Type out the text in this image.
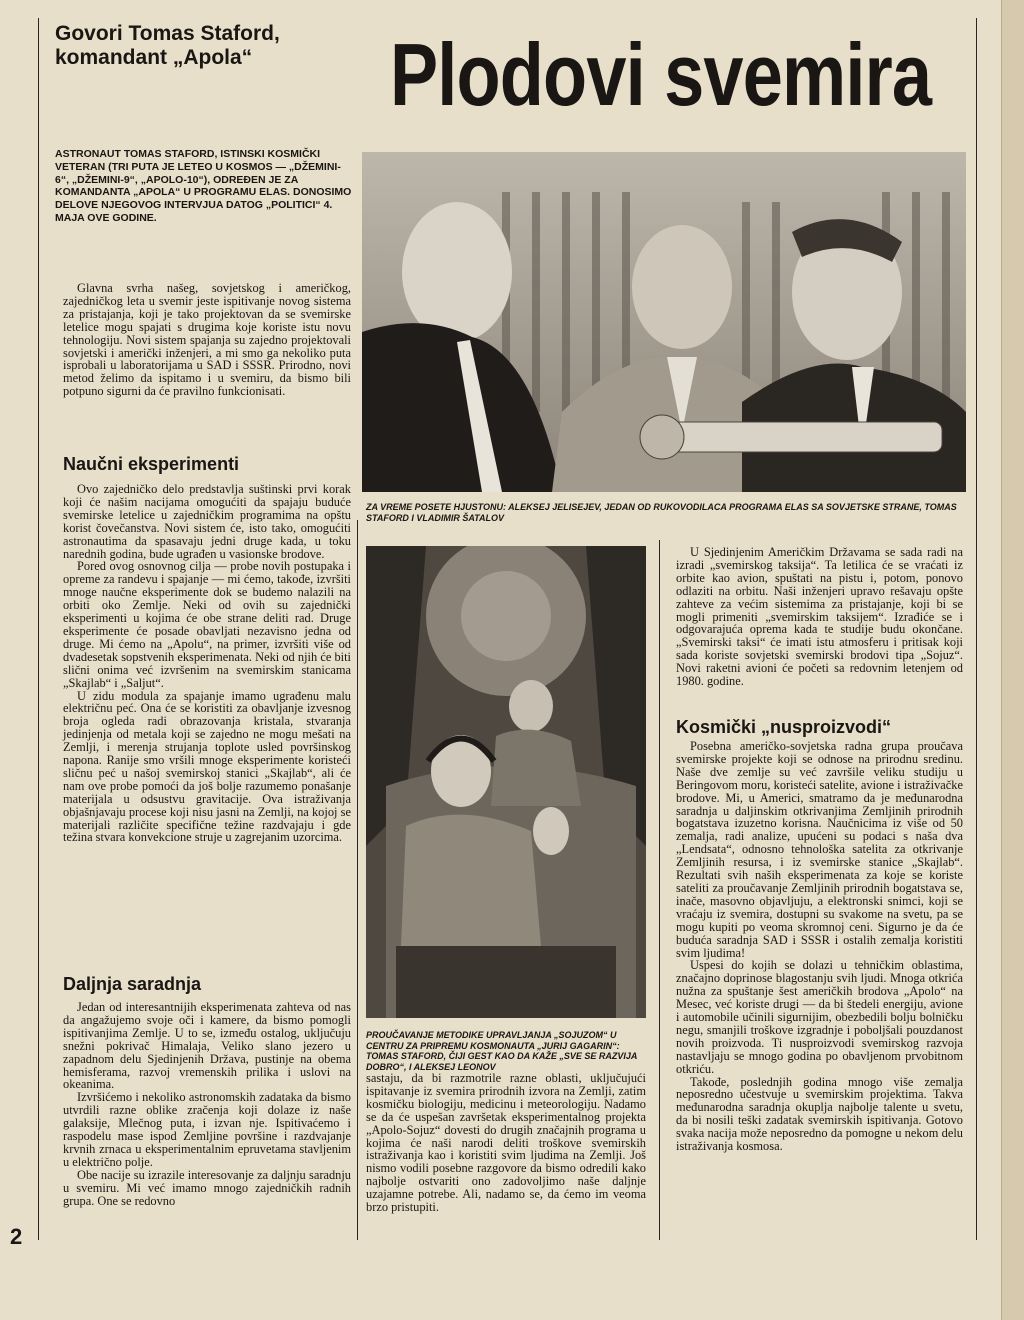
Govori Tomas Staford, komandant „Apola“	Plodovi svemira
ASTRONAUT TOMAS STAFORD, ISTINSKI KOSMIČKI VETERAN (TRI PUTA JE LETEO U KOSMOS — „DŽEMINI-6“, „DŽEMINI-9“, „APOLO-10“), ODREĐEN JE ZA KOMANDANTA „APOLA“ U PROGRAMU ELAS. DONOSIMO DELOVE NJEGOVOG INTERVJUA DATOG „POLITICI“ 4. MAJA OVE GODINE.

Glavna svrha našeg, sovjetskog i američkog, zajedničkog leta u svemir jeste ispitivanje novog sistema za pristajanja, koji je tako projektovan da se svemirske letelice mogu spajati s drugima koje koriste istu novu tehnologiju. Novi sistem spajanja su zajedno projektovali sovjetski i američki inženjeri, a mi smo ga nekoliko puta isprobali u laboratorijama u SAD i SSSR. Prirodno, novi metod želimo da ispitamo i u svemiru, da bismo bili potpuno sigurni da će pravilno funkcionisati.

Naučni eksperimenti

Ovo zajedničko delo predstavlja suštinski prvi korak koji će našim nacijama omogućiti da spajaju buduće svemirske letelice u zajedničkim programima na opštu korist čovečanstva. Novi sistem će, isto tako, omogućiti astronautima da spasavaju jedni druge kada, u toku narednih godina, bude ugrađen u vasionske brodove.

Pored ovog osnovnog cilja — probe novih postupaka i opreme za randevu i spajanje — mi ćemo, takođe, izvršiti mnoge naučne eksperimente dok se budemo nalazili na orbiti oko Zemlje. Neki od ovih su zajednički eksperimenti u kojima će obe strane deliti rad. Druge eksperimente će posade obavljati nezavisno jedna od druge. Mi ćemo na „Apolu“, na primer, izvršiti više od dvadesetak sopstvenih eksperimenata. Neki od njih će biti slični onima već izvršenim na svemirskim stanicama „Skajlab“ i „Saljut“.

U zidu modula za spajanje imamo ugrađenu malu električnu peć. Ona će se koristiti za obavljanje izvesnog broja ogleda radi obrazovanja kristala, stvaranja jedinjenja od metala koji se zajedno ne mogu mešati na Zemlji, i merenja strujanja toplote usled površinskog napona. Ranije smo vršili mnoge eksperimente koristeći sličnu peć u našoj svemirskoj stanici „Skajlab“, ali će nam ove probe pomoći da još bolje razumemo ponašanje materijala u odsustvu gravitacije. Ova istraživanja objašnjavaju procese koji nisu jasni na Zemlji, na kojoj se materijali različite specifične težine razdvajaju i gde težina stvara konvekcione struje u zagrejanim uzorcima.

Daljnja saradnja

Jedan od interesantnijih eksperimenata zahteva od nas da angažujemo svoje oči i kamere, da bismo pomogli ispitivanjima Zemlje. U to se, između ostalog, uključuju snežni pokrivač Himalaja, Veliko slano jezero u zapadnom delu Sjedinjenih Država, pustinje na obema hemisferama, razvoj vremenskih prilika i uslovi na okeanima.

Izvršićemo i nekoliko astronomskih zadataka da bismo utvrdili razne oblike zračenja koji dolaze iz naše galaksije, Mlečnog puta, i izvan nje. Ispitivaćemo i raspodelu mase ispod Zemljine površine i razdvajanje krvnih zrnaca u eksperimentalnim epruvetama stavljenim u električno polje.

Obe nacije su izrazile interesovanje za daljnju saradnju u svemiru. Mi već imamo mnogo zajedničkih radnih grupa. One se redovno

ZA VREME POSETE HJUSTONU: ALEKSEJ JELISEJEV, JEDAN OD RUKOVODILACA PROGRAMA ELAS SA SOVJETSKE STRANE, TOMAS STAFORD I VLADIMIR ŠATALOV
PROUČAVANJE METODIKE UPRAVLJANJA „SOJUZOM“ U CENTRU ZA PRIPREMU KOSMONAUTA „JURIJ GAGARIN“: TOMAS STAFORD, ČIJI GEST KAO DA KAŽE „SVE SE RAZVIJA DOBRO“, I ALEKSEJ LEONOV

sastaju, da bi razmotrile razne oblasti, uključujući ispitavanje iz svemira prirodnih izvora na Zemlji, zatim kosmičku biologiju, medicinu i meteorologiju. Nadamo se da će uspešan završetak eksperimentalnog projekta „Apolo-Sojuz“ dovesti do drugih značajnih programa u kojima će naši narodi deliti troškove svemirskih istraživanja kao i koristiti svim ljudima na Zemlji. Još nismo vodili posebne razgovore da bismo odredili kako najbolje ostvariti ono zadovoljimo naše daljnje uzajamne potrebe. Ali, nadamo se, da ćemo im veoma brzo pristupiti.

U Sjedinjenim Američkim Državama se sada radi na izradi „svemirskog taksija“. Ta letilica će se vraćati iz orbite kao avion, spuštati na pistu i, potom, ponovo odlaziti na orbitu. Naši inženjeri upravo rešavaju opšte zahteve za većim sistemima za pristajanje, koji bi se mogli primeniti „svemirskim taksijem“. Izrađiće se i odgovarajuća oprema kada te studije budu okončane. „Svemirski taksi“ će imati istu atmosferu i pritisak koji sada koriste sovjetski svemirski brodovi tipa „Sojuz“. Novi raketni avioni će početi sa redovnim letenjem od 1980. godine.

Kosmički „nusproizvodi“

Posebna američko-sovjetska radna grupa proučava svemirske projekte koji se odnose na prirodnu sredinu. Naše dve zemlje su već završile veliku studiju u Beringovom moru, koristeći satelite, avione i istraživačke brodove. Mi, u Americi, smatramo da je međunarodna saradnja u daljinskim otkrivanjima Zemljinih prirodnih bogatstava izuzetno korisna. Naučnicima iz više od 50 zemalja, radi analize, upućeni su podaci s naša dva „Lendsata“, odnosno tehnološka satelita za otkrivanje Zemljinih resursa, i iz svemirske stanice „Skajlab“. Rezultati svih naših eksperimenata za koje se koriste sateliti za proučavanje Zemljinih prirodnih bogatstava se, inače, masovno objavljuju, a elektronski snimci, koji se vraćaju iz svemira, dostupni su svakome na svetu, pa se mogu kupiti po veoma skromnoj ceni. Sigurno je da će buduća saradnja SAD i SSSR i ostalih zemalja koristiti svim ljudima!

Uspesi do kojih se dolazi u tehničkim oblastima, značajno doprinose blagostanju svih ljudi. Mnoga otkrića nužna za spuštanje šest američkih brodova „Apolo“ na Mesec, već koriste drugi — da bi štedeli energiju, avione i automobile učinili sigurnijim, obezbedili bolju bolničku negu, smanjili troškove izgradnje i poboljšali pouzdanost novih proizvoda. Ti nusproizvodi svemirskog razvoja nastavljaju se mnogo godina po obavljenom prvobitnom otkriću.

Takođe, poslednjih godina mnogo više zemalja neposredno učestvuje u svemirskim projektima. Takva međunarodna saradnja okuplja najbolje talente u svetu, da bi nosili teški zadatak svemirskih ispitivanja. Gotovo svaka nacija može neposredno da pomogne u nekom delu istraživanja kosmosa.

2
